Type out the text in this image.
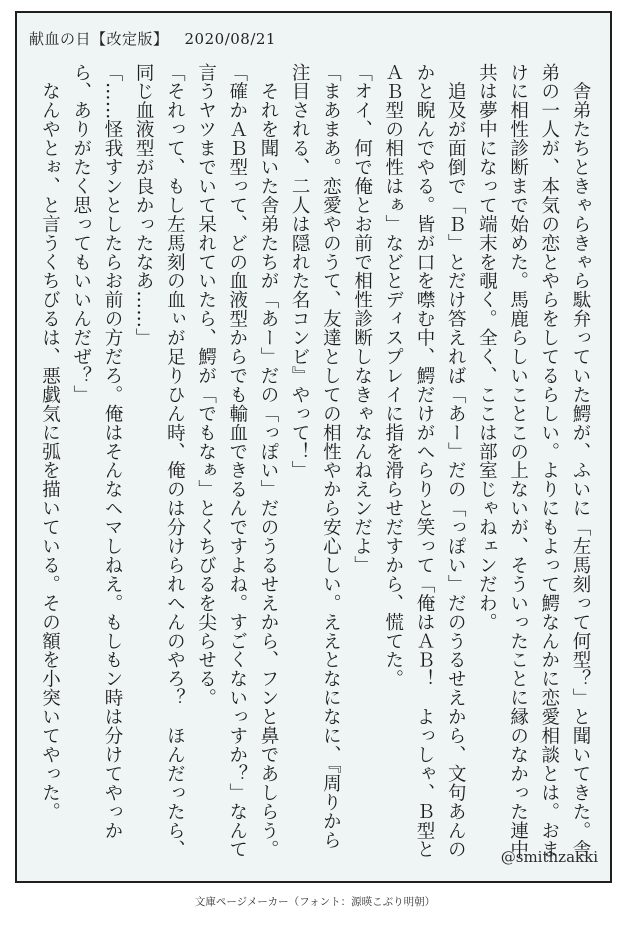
献血の日【改定版】 2020/08/21

　舎弟たちときゃらきゃら駄弁っていた鰐が、ふいに「左馬刻って何型？」と聞いてきた。舎弟の一人が、本気の恋とやらをしてるらしい。よりにもよって鰐なんかに恋愛相談とは。おまけに相性診断まで始めた。馬鹿らしいことこの上ないが、そういったことに縁のなかった連中共は夢中になって端末を覗く。全く、ここは部室じゃねェンだわ。

　追及が面倒で「Ｂ」とだけ答えれば「あー」だの「っぽい」だのうるせえから、文句あんのかと睨んでやる。皆が口を噤む中、鰐だけがへらりと笑って「俺はＡＢ！　よっしゃ、Ｂ型とＡＢ型の相性はぁ」などとディスプレイに指を滑らせだすから、慌てた。

「オイ、何で俺とお前で相性診断しなきゃなんねえンだよ」

「まあまあ。恋愛やのうて、友達としての相性やから安心しい。ええとなになに、『周りから注目される、二人は隠れた名コンビ』やって！」

　それを聞いた舎弟たちが「あー」だの「っぽい」だのうるせえから、フンと鼻であしらう。「確かＡＢ型って、どの血液型からでも輸血できるんですよね。すごくないっすか？」なんて言うヤツまでいて呆れていたら、鰐が「でもなぁ」とくちびるを尖らせる。

「それって、もし左馬刻の血ぃが足りひん時、俺のは分けられへんのやろ？　ほんだったら、同じ血液型が良かったなあ……」

「……怪我すンとしたらお前の方だろ。俺はそんなヘマしねえ。もしもン時は分けてやっから、ありがたく思ってもいいんだぜ？」

　なんやとぉ、と言うくちびるは、悪戯気に弧を描いている。その額を小突いてやった。

@smithzakki
文庫ページメーカー（フォント：源暎こぶり明朝）
